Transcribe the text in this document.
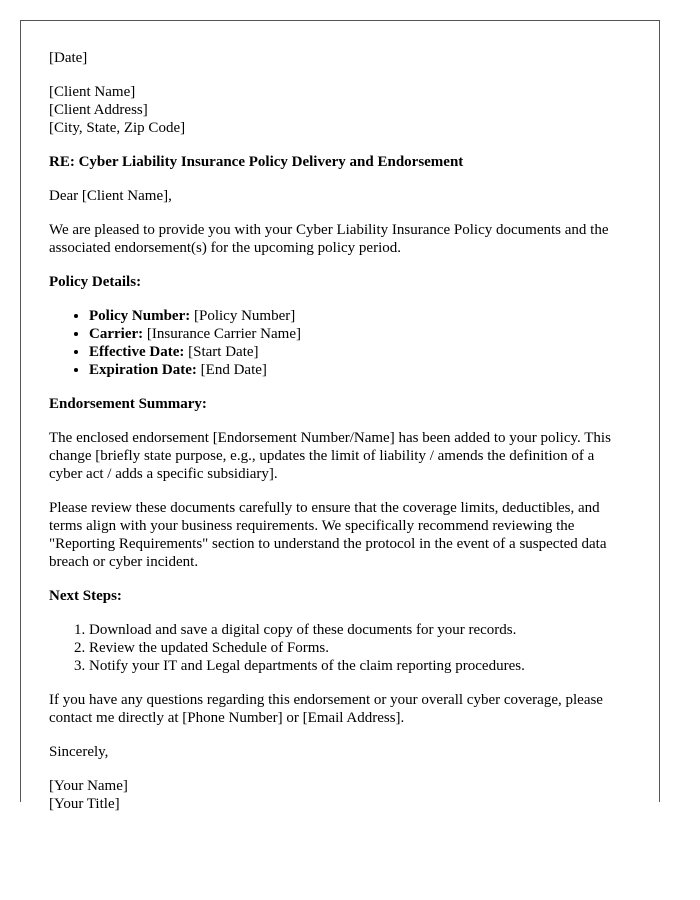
[Date]

[Client Name]
[Client Address]
[City, State, Zip Code]

RE: Cyber Liability Insurance Policy Delivery and Endorsement

Dear [Client Name],

We are pleased to provide you with your Cyber Liability Insurance Policy documents and the associated endorsement(s) for the upcoming policy period.

Policy Details:

• Policy Number: [Policy Number]
• Carrier: [Insurance Carrier Name]
• Effective Date: [Start Date]
• Expiration Date: [End Date]

Endorsement Summary:

The enclosed endorsement [Endorsement Number/Name] has been added to your policy. This change [briefly state purpose, e.g., updates the limit of liability / amends the definition of a cyber act / adds a specific subsidiary].

Please review these documents carefully to ensure that the coverage limits, deductibles, and terms align with your business requirements. We specifically recommend reviewing the "Reporting Requirements" section to understand the protocol in the event of a suspected data breach or cyber incident.

Next Steps:

1. Download and save a digital copy of these documents for your records.
2. Review the updated Schedule of Forms.
3. Notify your IT and Legal departments of the claim reporting procedures.

If you have any questions regarding this endorsement or your overall cyber coverage, please contact me directly at [Phone Number] or [Email Address].

Sincerely,

[Your Name]
[Your Title]
